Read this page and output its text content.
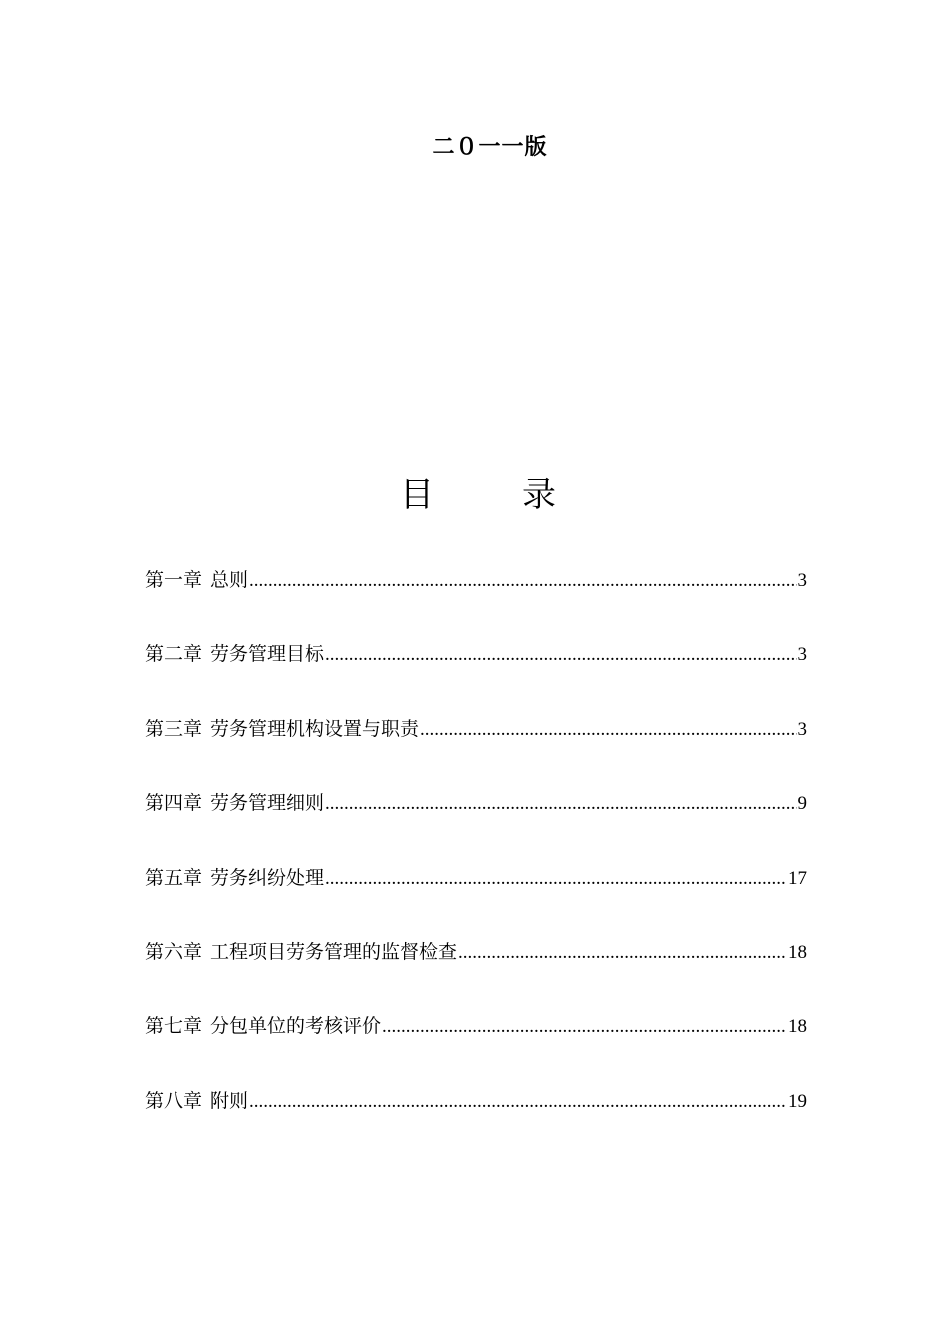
二０一一版
目	录
第一章 总则 .....	3
第二章 劳务管理目标 .....	3
第三章 劳务管理机构设置与职责 .....	3
第四章 劳务管理细则 .....	9
第五章 劳务纠纷处理 .....	17
第六章 工程项目劳务管理的监督检查 .....	18
第七章 分包单位的考核评价 .....	18
第八章 附则 .....	19
